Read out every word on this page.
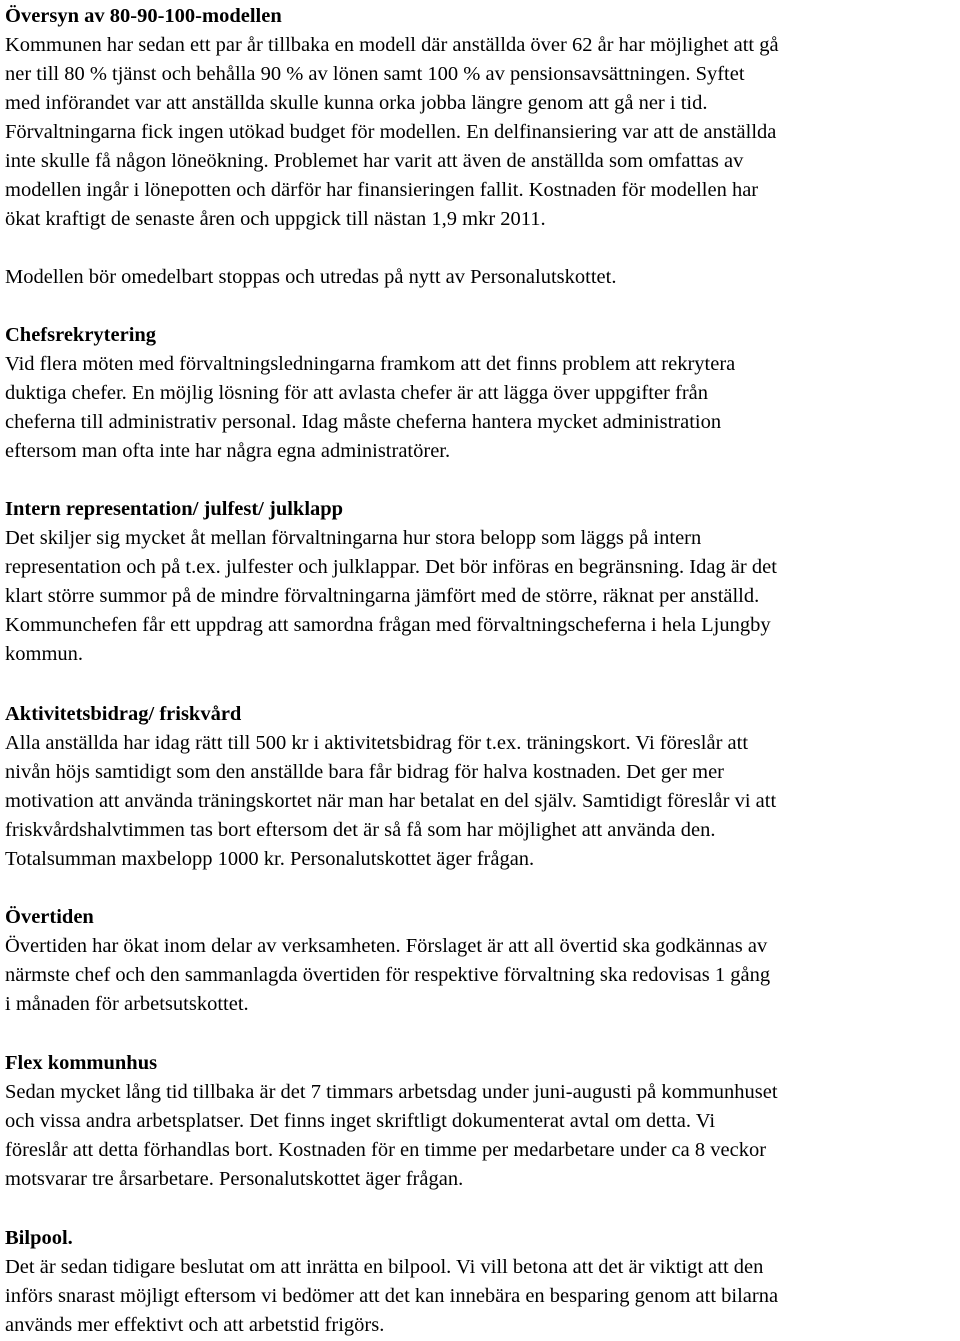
Översyn av 80-90-100-modellen

Kommunen har sedan ett par år tillbaka en modell där anställda över 62 år har möjlighet att gå

ner till 80 % tjänst och behålla 90 % av lönen samt 100 % av pensionsavsättningen. Syftet

med införandet var att anställda skulle kunna orka jobba längre genom att gå ner i tid.

Förvaltningarna fick ingen utökad budget för modellen. En delfinansiering var att de anställda

inte skulle få någon löneökning. Problemet har varit att även de anställda som omfattas av

modellen ingår i lönepotten och därför har finansieringen fallit. Kostnaden för modellen har

ökat kraftigt de senaste åren och uppgick till nästan 1,9 mkr 2011.

Modellen bör omedelbart stoppas och utredas på nytt av Personalutskottet.

Chefsrekrytering

Vid flera möten med förvaltningsledningarna framkom att det finns problem att rekrytera

duktiga chefer. En möjlig lösning för att avlasta chefer är att lägga över uppgifter från

cheferna till administrativ personal. Idag måste cheferna hantera mycket administration

eftersom man ofta inte har några egna administratörer.

Intern representation/ julfest/ julklapp

Det skiljer sig mycket åt mellan förvaltningarna hur stora belopp som läggs på intern

representation och på t.ex. julfester och julklappar. Det bör införas en begränsning. Idag är det

klart större summor på de mindre förvaltningarna jämfört med de större, räknat per anställd.

Kommunchefen får ett uppdrag att samordna frågan med förvaltningscheferna i hela Ljungby

kommun.

Aktivitetsbidrag/ friskvård

Alla anställda har idag rätt till 500 kr i aktivitetsbidrag för t.ex. träningskort. Vi föreslår att

nivån höjs samtidigt som den anställde bara får bidrag för halva kostnaden. Det ger mer

motivation att använda träningskortet när man har betalat en del själv. Samtidigt föreslår vi att

friskvårdshalvtimmen tas bort eftersom det är så få som har möjlighet att använda den.

Totalsumman maxbelopp 1000 kr. Personalutskottet äger frågan.

Övertiden

Övertiden har ökat inom delar av verksamheten. Förslaget är att all övertid ska godkännas av

närmste chef och den sammanlagda övertiden för respektive förvaltning ska redovisas 1 gång

i månaden för arbetsutskottet.

Flex kommunhus

Sedan mycket lång tid tillbaka är det 7 timmars arbetsdag under juni-augusti på kommunhuset

och vissa andra arbetsplatser. Det finns inget skriftligt dokumenterat avtal om detta. Vi

föreslår att detta förhandlas bort. Kostnaden för en timme per medarbetare under ca 8 veckor

motsvarar tre årsarbetare. Personalutskottet äger frågan.

Bilpool.

Det är sedan tidigare beslutat om att inrätta en bilpool. Vi vill betona att det är viktigt att den

införs snarast möjligt eftersom vi bedömer att det kan innebära en besparing genom att bilarna

används mer effektivt och att arbetstid frigörs.
